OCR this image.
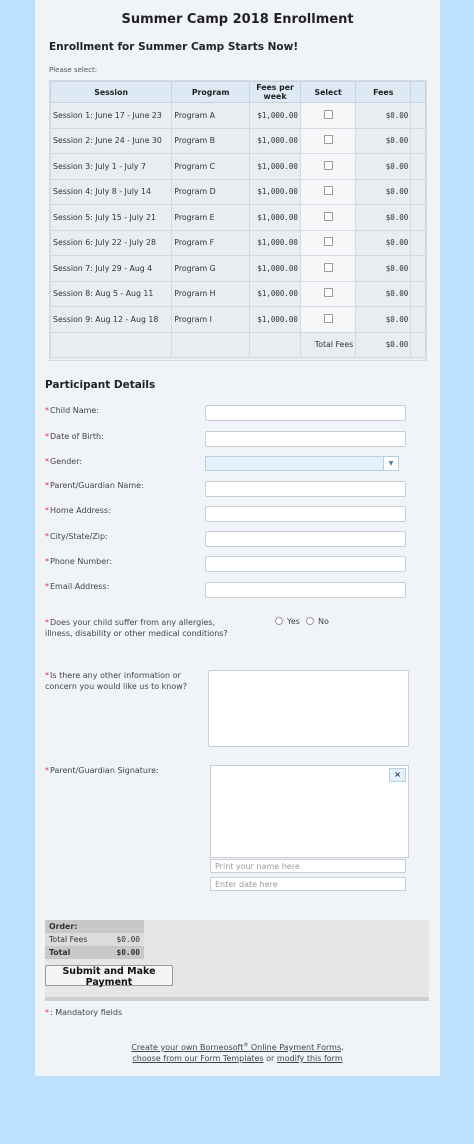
Summer Camp 2018 Enrollment
Enrollment for Summer Camp Starts Now!
Please select:
Session	Program	Fees per week	Select	Fees	
Session 1: June 17 - June 23	Program A	$1,000.00		$0.00	
Session 2: June 24 - June 30	Program B	$1,000.00		$0.00	
Session 3: July 1 - July 7	Program C	$1,000.00		$0.00	
Session 4: July 8 - July 14	Program D	$1,000.00		$0.00	
Session 5: July 15 - July 21	Program E	$1,000.00		$0.00	
Session 6: July 22 - July 28	Program F	$1,000.00		$0.00	
Session 7: July 29 - Aug 4	Program G	$1,000.00		$0.00	
Session 8: Aug 5 - Aug 11	Program H	$1,000.00		$0.00	
Session 9: Aug 12 - Aug 18	Program I	$1,000.00		$0.00	
			Total Fees	$0.00	
Participant Details
*Child Name:
*Date of Birth:
*Gender:	▼
*Parent/Guardian Name:
*Home Address:
*City/State/Zip:
*Phone Number:
*Email Address:
*Does your child suffer from any allergies, illness, disability or other medical conditions?
Yes	No
*Is there any other information or concern you would like us to know?
*Parent/Guardian Signature:	×
Print your name here
Enter date here
Order:	
Total Fees	$0.00
Total	$0.00
Submit and Make Payment
*: Mandatory fields
Create your own Borneosoft® Online Payment Forms,
choose from our Form Templates or modify this form
